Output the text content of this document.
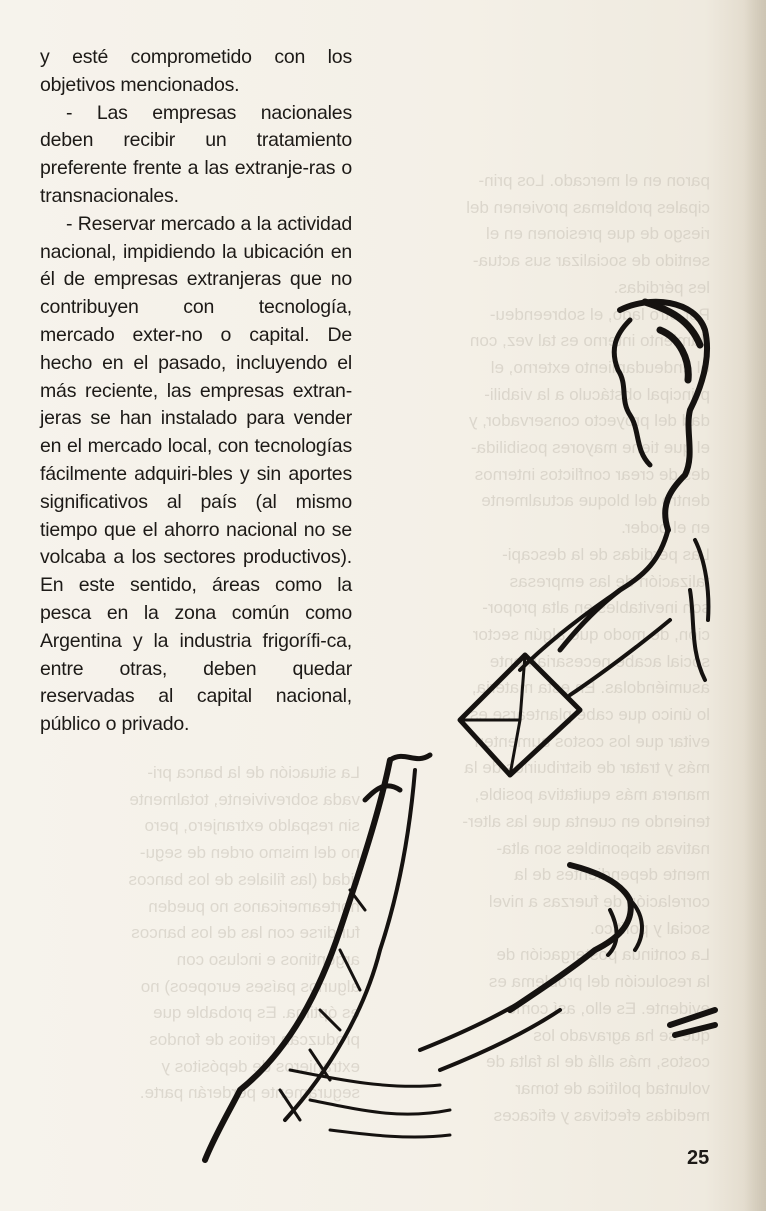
La situación de la banca pri-

vada sobreviviente, totalmente

sin respaldo extranjero, pero

no del mismo orden de segu-

ridad (las filiales de los bancos

norteamericanos no pueden

fundirse con las de los bancos

argentinos e incluso con

algunos países europeos) no

es óptima. Es probable que

produzcan retiros de fondos

extranjeros de depósitos y

seguramente perderán parte.

paron en el mercado. Los prin-

cipales problemas provienen del

riesgo de que presionen en el

sentido de socializar sus actua-

les pérdidas.

Por otro lado, el sobreendeu-

damiento interno es tal vez, con

el endeudamiento externo, el

principal obstáculo a la viabili-

dad del proyecto conservador, y

el que tiene mayores posibilida-

des de crear conflictos internos

dentro del bloque actualmente

en el poder.

Las pérdidas de la descapi-

talización de las empresas

son inevitables en alta propor-

ción, de modo que algún sector

social acabe necesariamente

asumiéndolas. En esta materia,

lo único que cabe plantearse es

evitar que los costos aumenten

más y tratar de distribuirlos de la

manera más equitativa posible,

teniendo en cuenta que las alter-

nativas disponibles son alta-

mente dependientes de la

correlación de fuerzas a nivel

social y político.

La continua postergación de

la resolución del problema es

evidente. Es ello, así como

que se ha agravado los

costos, más allá de la falta de

voluntad política de tomar

medidas efectivas y eficaces

y esté comprometido con los objetivos mencionados.

- Las empresas nacionales deben recibir un tratamiento preferente frente a las extranje-ras o transnacionales.

- Reservar mercado a la actividad nacional, impidiendo la ubicación en él de empresas extranjeras que no contribuyen con tecnología, mercado exter-no o capital. De hecho en el pasado, incluyendo el más reciente, las empresas extran-jeras se han instalado para vender en el mercado local, con tecnologías fácilmente adquiri-bles y sin aportes significativos al país (al mismo tiempo que el ahorro nacional no se volcaba a los sectores productivos). En este sentido, áreas como la pesca en la zona común como Argentina y la industria frigorífi-ca, entre otras, deben quedar reservadas al capital nacional, público o privado.

25
